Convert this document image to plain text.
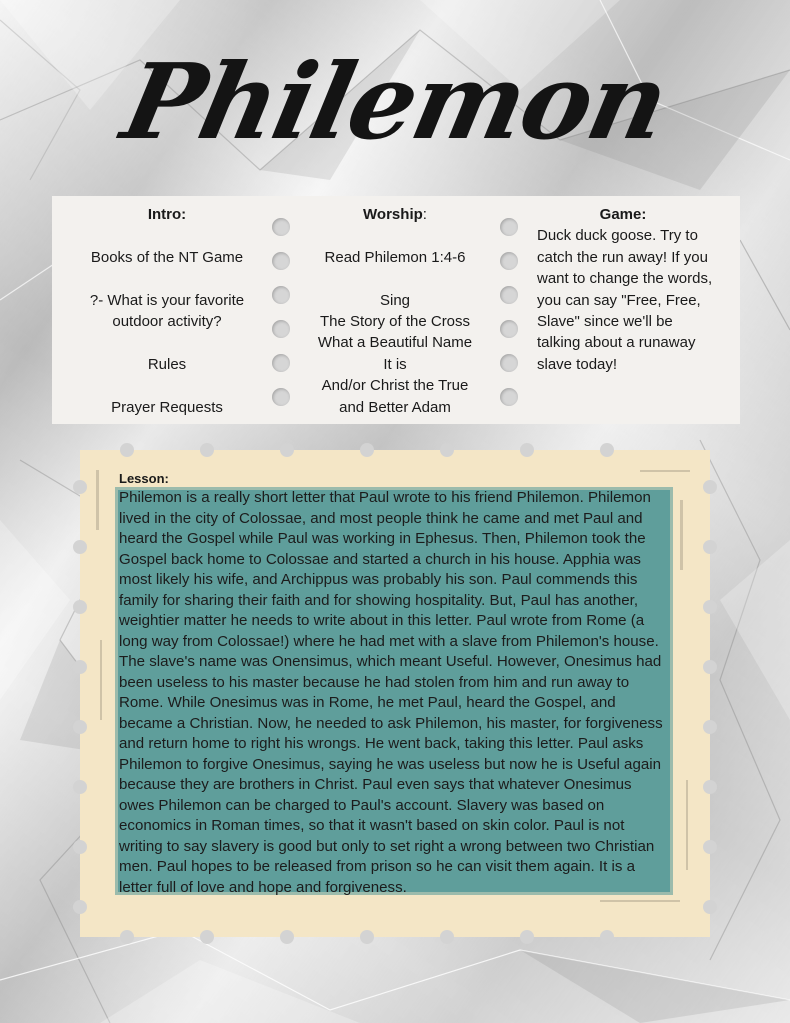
Philemon
Intro:
Books of the NT Game
?- What is your favorite
outdoor activity?
Rules
Prayer Requests
Worship:
Read Philemon 1:4-6
Sing
The Story of the Cross
What a Beautiful Name
It is
And/or Christ the True
and Better Adam
Game:
Duck duck goose. Try to catch the run away! If you want to change the words, you can say "Free, Free, Slave" since we'll be talking about a runaway slave today!
Lesson:
Philemon is a really short letter that Paul wrote to his friend Philemon. Philemon lived in the city of Colossae, and most people think he came and met Paul and heard the Gospel while Paul was working in Ephesus. Then, Philemon took the Gospel back home to Colossae and started a church in his house. Apphia was most likely his wife, and Archippus was probably his son. Paul commends this family for sharing their faith and for showing hospitality. But, Paul has another, weightier matter he needs to write about in this letter. Paul wrote from Rome (a long way from Colossae!) where he had met with a slave from Philemon's house. The slave's name was Onensimus, which meant Useful. However, Onesimus had been useless to his master because he had stolen from him and run away to Rome. While Onesimus was in Rome, he met Paul, heard the Gospel, and became a Christian. Now, he needed to ask Philemon, his master, for forgiveness and return home to right his wrongs. He went back, taking this letter. Paul asks Philemon to forgive Onesimus, saying he was useless but now he is Useful again because they are brothers in Christ. Paul even says that whatever Onesimus owes Philemon can be charged to Paul's account. Slavery was based on economics in Roman times, so that it wasn't based on skin color. Paul is not writing to say slavery is good but only to set right a wrong between two Christian men. Paul hopes to be released from prison so he can visit them again. It is a letter full of love and hope and forgiveness.
